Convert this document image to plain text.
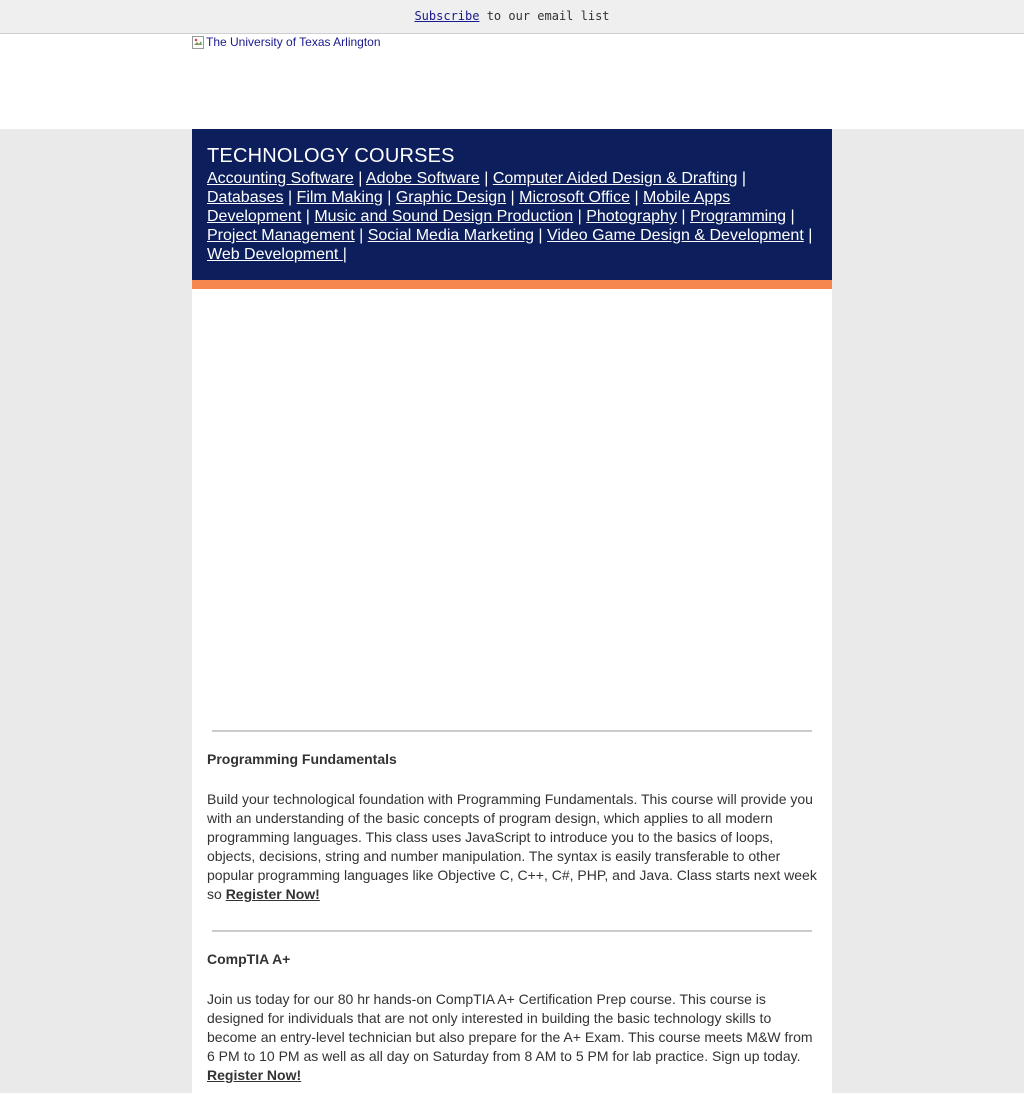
Subscribe to our email list
The University of Texas Arlington
TECHNOLOGY COURSES
Accounting Software | Adobe Software | Computer Aided Design & Drafting | Databases | Film Making | Graphic Design | Microsoft Office | Mobile Apps Development | Music and Sound Design Production | Photography | Programming | Project Management | Social Media Marketing | Video Game Design & Development | Web Development |
Programming Fundamentals

Build your technological foundation with Programming Fundamentals. This course will provide you with an understanding of the basic concepts of program design, which applies to all modern programming languages. This class uses JavaScript to introduce you to the basics of loops, objects, decisions, string and number manipulation. The syntax is easily transferable to other popular programming languages like Objective C, C++, C#, PHP, and Java. Class starts next week so Register Now!

CompTIA A+

Join us today for our 80 hr hands-on CompTIA A+ Certification Prep course. This course is designed for individuals that are not only interested in building the basic technology skills to become an entry-level technician but also prepare for the A+ Exam. This course meets M&W from 6 PM to 10 PM as well as all day on Saturday from 8 AM to 5 PM for lab practice. Sign up today. Register Now!
